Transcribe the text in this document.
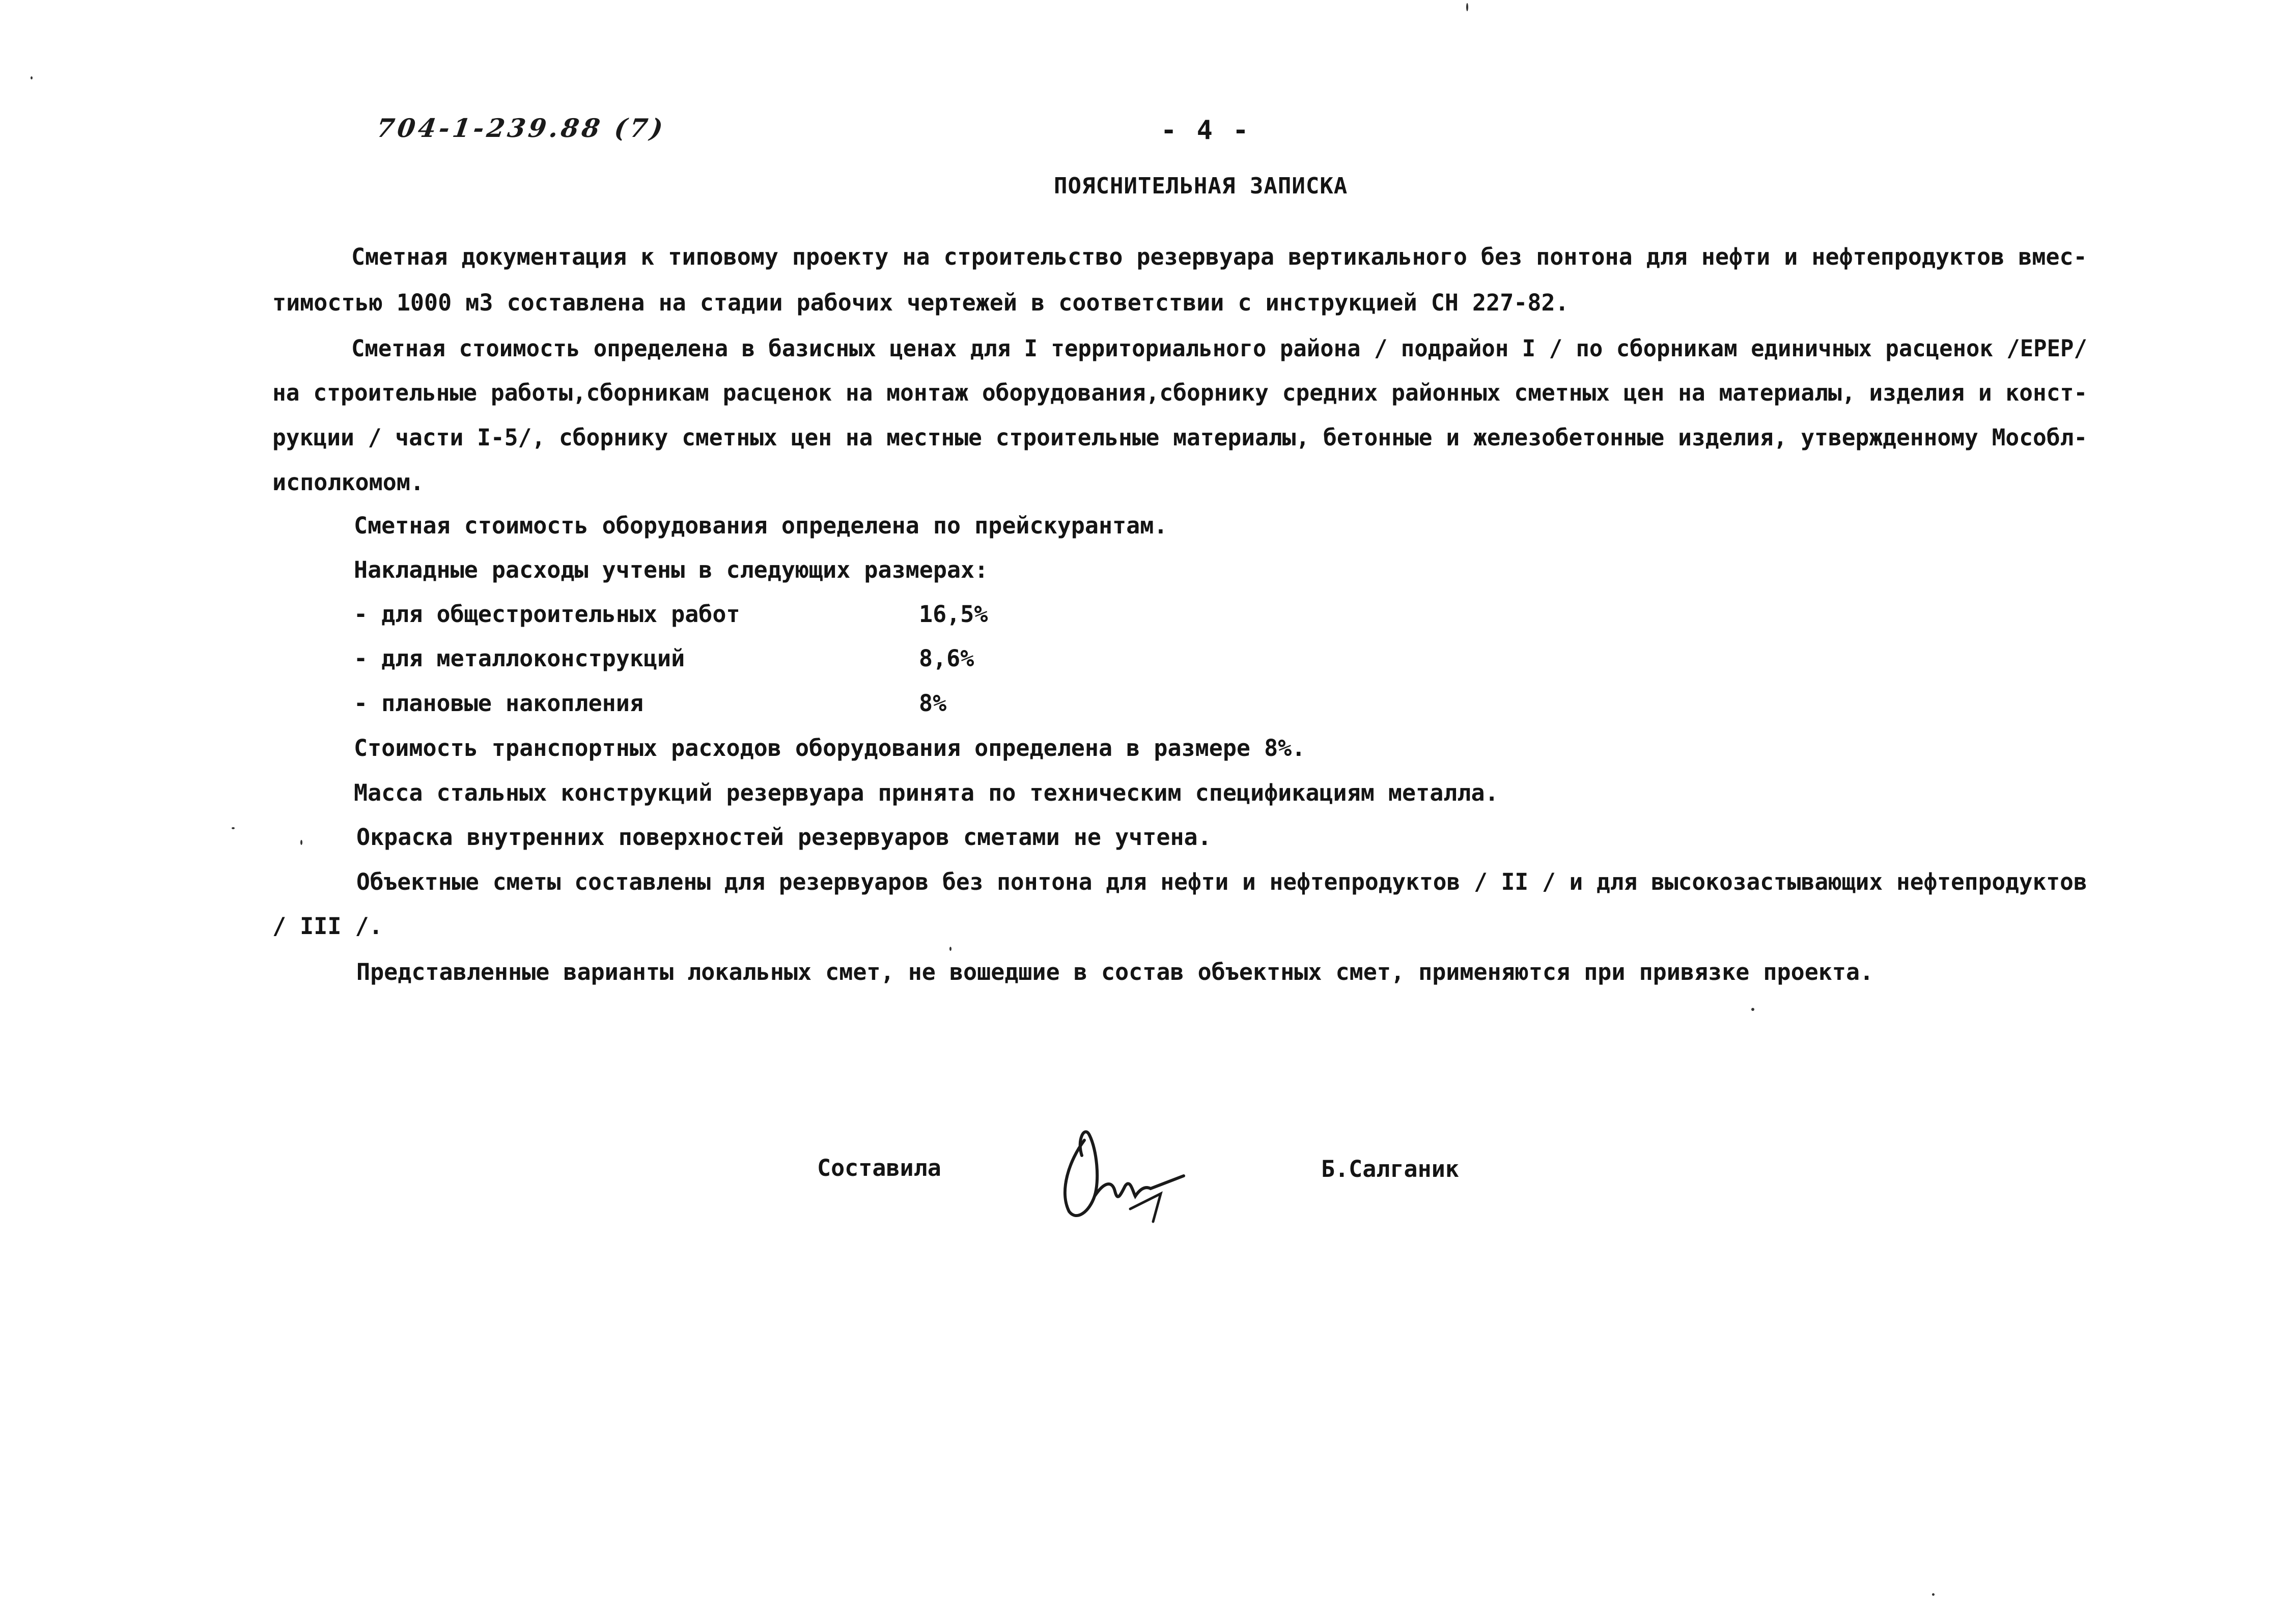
704-1-239.88 (7)	- 4 -
ПОЯСНИТЕЛЬНАЯ ЗАПИСКА
Сметная документация к типовому проекту на строительство резервуара вертикального без понтона для нефти и нефтепродуктов вмес-
тимостью 1000 м3 составлена на стадии рабочих чертежей в соответствии с инструкцией СН 227-82.
Сметная стоимость определена в базисных ценах для I территориального района / подрайон I / по сборникам единичных расценок /ЕРЕР/
на строительные работы,сборникам расценок на монтаж оборудования,сборнику средних районных сметных цен на материалы, изделия и конст-
рукции / части I-5/, сборнику сметных цен на местные строительные материалы, бетонные и железобетонные изделия, утвержденному Мособл-
исполкомом.
Сметная стоимость оборудования определена по прейскурантам.
Накладные расходы учтены в следующих размерах:
- для общестроительных работ	16,5%
- для металлоконструкций	8,6%
- плановые накопления	8%
Стоимость транспортных расходов оборудования определена в размере 8%.
Масса стальных конструкций резервуара принята по техническим спецификациям металла.
Окраска внутренних поверхностей резервуаров сметами не учтена.
Объектные сметы составлены для резервуаров без понтона для нефти и нефтепродуктов / II / и для высокозастывающих нефтепродуктов
/ III /.
Представленные варианты локальных смет, не вошедшие в состав объектных смет, применяются при привязке проекта.
Составила	Б.Салганик
